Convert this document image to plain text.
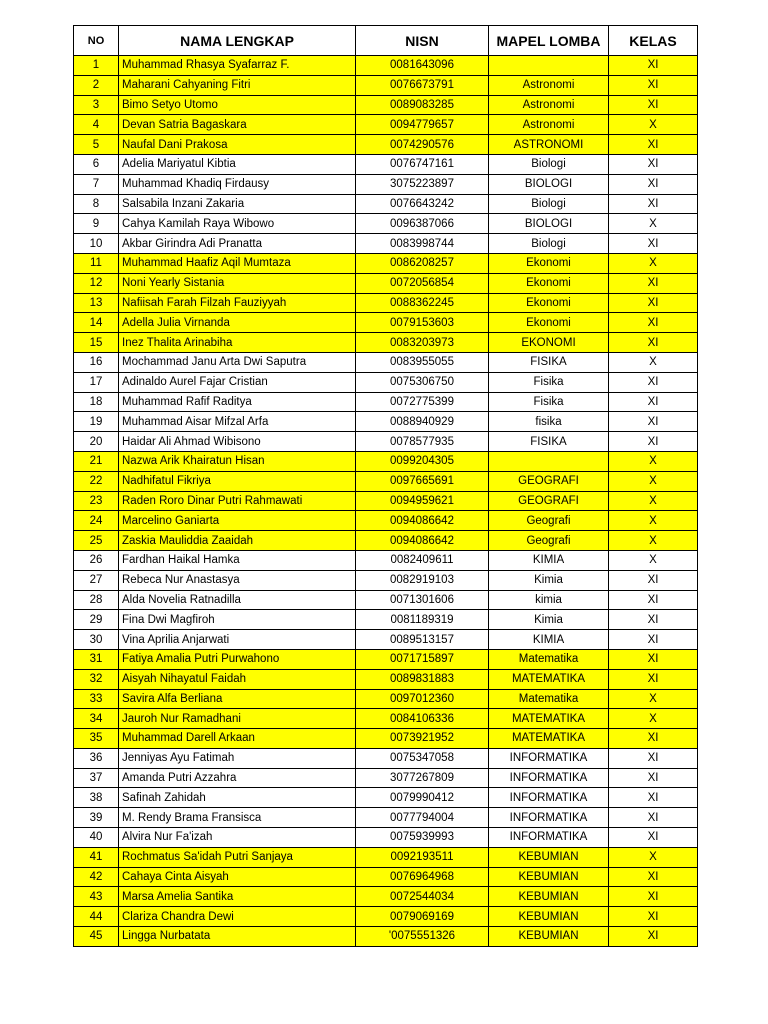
NO	NAMA LENGKAP	NISN	MAPEL LOMBA	KELAS
1	Muhammad Rhasya Syafarraz F.	0081643096		XI
2	Maharani Cahyaning Fitri	0076673791	Astronomi	XI
3	Bimo Setyo Utomo	0089083285	Astronomi	XI
4	Devan Satria Bagaskara	0094779657	Astronomi	X
5	Naufal Dani Prakosa	0074290576	ASTRONOMI	XI
6	Adelia Mariyatul Kibtia	0076747161	Biologi	XI
7	Muhammad Khadiq Firdausy	3075223897	BIOLOGI	XI
8	Salsabila Inzani Zakaria	0076643242	Biologi	XI
9	Cahya Kamilah Raya Wibowo	0096387066	BIOLOGI	X
10	Akbar Girindra Adi Pranatta	0083998744	Biologi	XI
11	Muhammad Haafiz Aqil Mumtaza	0086208257	Ekonomi	X
12	Noni Yearly Sistania	0072056854	Ekonomi	XI
13	Nafiisah Farah Filzah Fauziyyah	0088362245	Ekonomi	XI
14	Adella Julia Virnanda	0079153603	Ekonomi	XI
15	Inez Thalita Arinabiha	0083203973	EKONOMI	XI
16	Mochammad Janu Arta Dwi Saputra	0083955055	FISIKA	X
17	Adinaldo Aurel Fajar Cristian	0075306750	Fisika	XI
18	Muhammad Rafif Raditya	0072775399	Fisika	XI
19	Muhammad Aisar Mifzal Arfa	0088940929	fisika	XI
20	Haidar Ali Ahmad Wibisono	0078577935	FISIKA	XI
21	Nazwa Arik Khairatun Hisan	0099204305		X
22	Nadhifatul Fikriya	0097665691	GEOGRAFI	X
23	Raden Roro Dinar Putri Rahmawati	0094959621	GEOGRAFI	X
24	Marcelino Ganiarta	0094086642	Geografi	X
25	Zaskia Mauliddia Zaaidah	0094086642	Geografi	X
26	Fardhan Haikal Hamka	0082409611	KIMIA	X
27	Rebeca Nur Anastasya	0082919103	Kimia	XI
28	Alda Novelia Ratnadilla	0071301606	kimia	XI
29	Fina Dwi Magfiroh	0081189319	Kimia	XI
30	Vina Aprilia Anjarwati	0089513157	KIMIA	XI
31	Fatiya Amalia Putri Purwahono	0071715897	Matematika	XI
32	Aisyah Nihayatul Faidah	0089831883	MATEMATIKA	XI
33	Savira Alfa Berliana	0097012360	Matematika	X
34	Jauroh Nur Ramadhani	0084106336	MATEMATIKA	X
35	Muhammad Darell Arkaan	0073921952	MATEMATIKA	XI
36	Jenniyas Ayu Fatimah	0075347058	INFORMATIKA	XI
37	Amanda Putri Azzahra	3077267809	INFORMATIKA	XI
38	Safinah Zahidah	0079990412	INFORMATIKA	XI
39	M. Rendy Brama Fransisca	0077794004	INFORMATIKA	XI
40	Alvira Nur Fa'izah	0075939993	INFORMATIKA	XI
41	Rochmatus Sa'idah Putri Sanjaya	0092193511	KEBUMIAN	X
42	Cahaya Cinta Aisyah	0076964968	KEBUMIAN	XI
43	Marsa Amelia Santika	0072544034	KEBUMIAN	XI
44	Clariza Chandra Dewi	0079069169	KEBUMIAN	XI
45	Lingga Nurbatata	'0075551326	KEBUMIAN	XI
